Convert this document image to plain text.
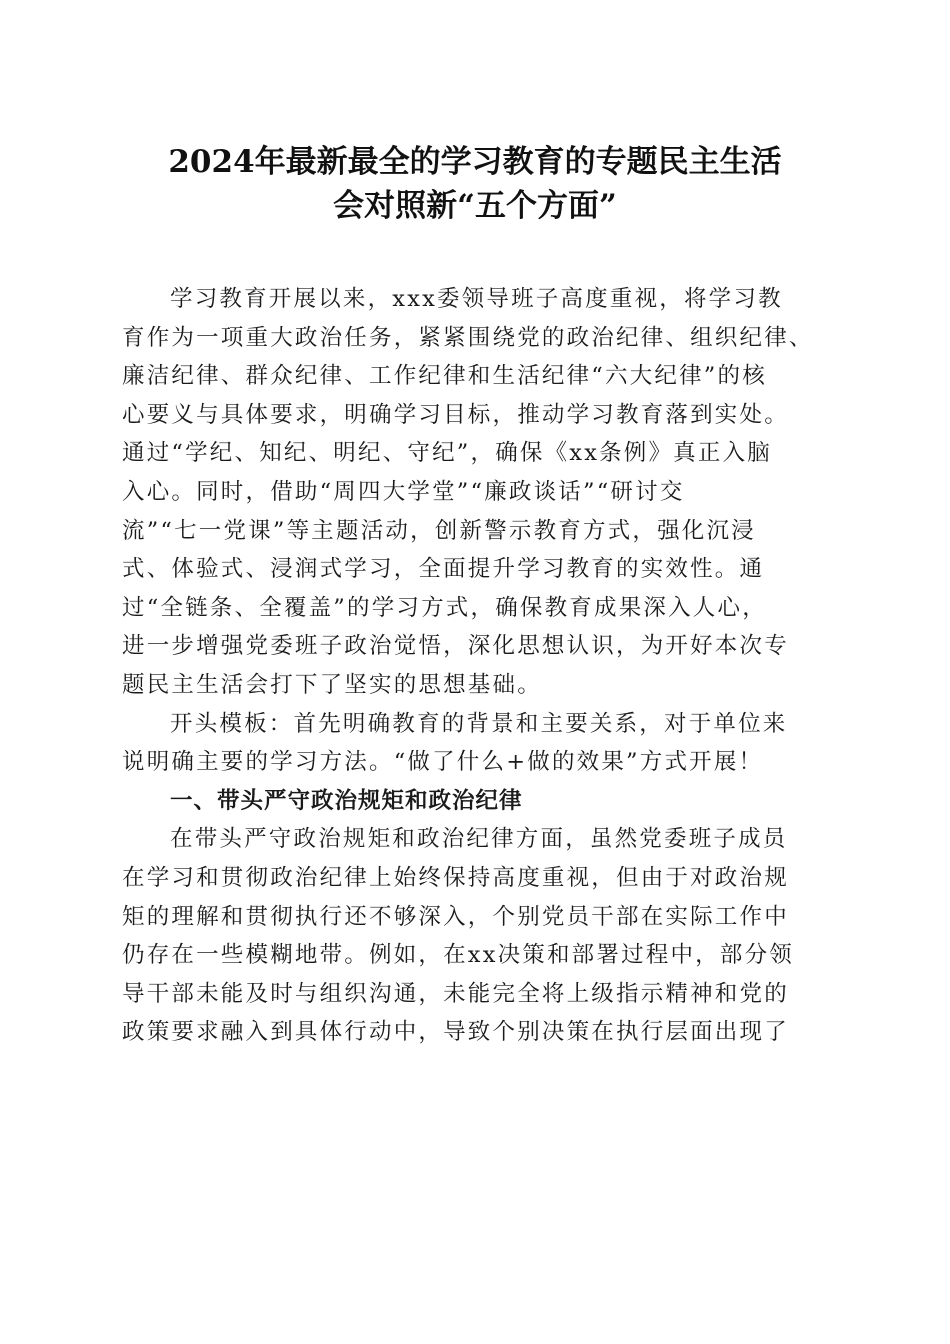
2024年最新最全的学习教育的专题民主生活
会对照新“五个方面”
学习教育开展以来，xxx委领导班子高度重视，将学习教
育作为一项重大政治任务，紧紧围绕党的政治纪律、组织纪律、
廉洁纪律、群众纪律、工作纪律和生活纪律“六大纪律”的核
心要义与具体要求，明确学习目标，推动学习教育落到实处。
通过“学纪、知纪、明纪、守纪”，确保《xx条例》真正入脑
入心。同时，借助“周四大学堂”“廉政谈话”“研讨交
流”“七一党课”等主题活动，创新警示教育方式，强化沉浸
式、体验式、浸润式学习，全面提升学习教育的实效性。通
过“全链条、全覆盖”的学习方式，确保教育成果深入人心，
进一步增强党委班子政治觉悟，深化思想认识，为开好本次专
题民主生活会打下了坚实的思想基础。
开头模板：首先明确教育的背景和主要关系，对于单位来
说明确主要的学习方法。“做了什么+做的效果”方式开展！
一、带头严守政治规矩和政治纪律
在带头严守政治规矩和政治纪律方面，虽然党委班子成员
在学习和贯彻政治纪律上始终保持高度重视，但由于对政治规
矩的理解和贯彻执行还不够深入，个别党员干部在实际工作中
仍存在一些模糊地带。例如，在xx决策和部署过程中，部分领
导干部未能及时与组织沟通，未能完全将上级指示精神和党的
政策要求融入到具体行动中，导致个别决策在执行层面出现了
